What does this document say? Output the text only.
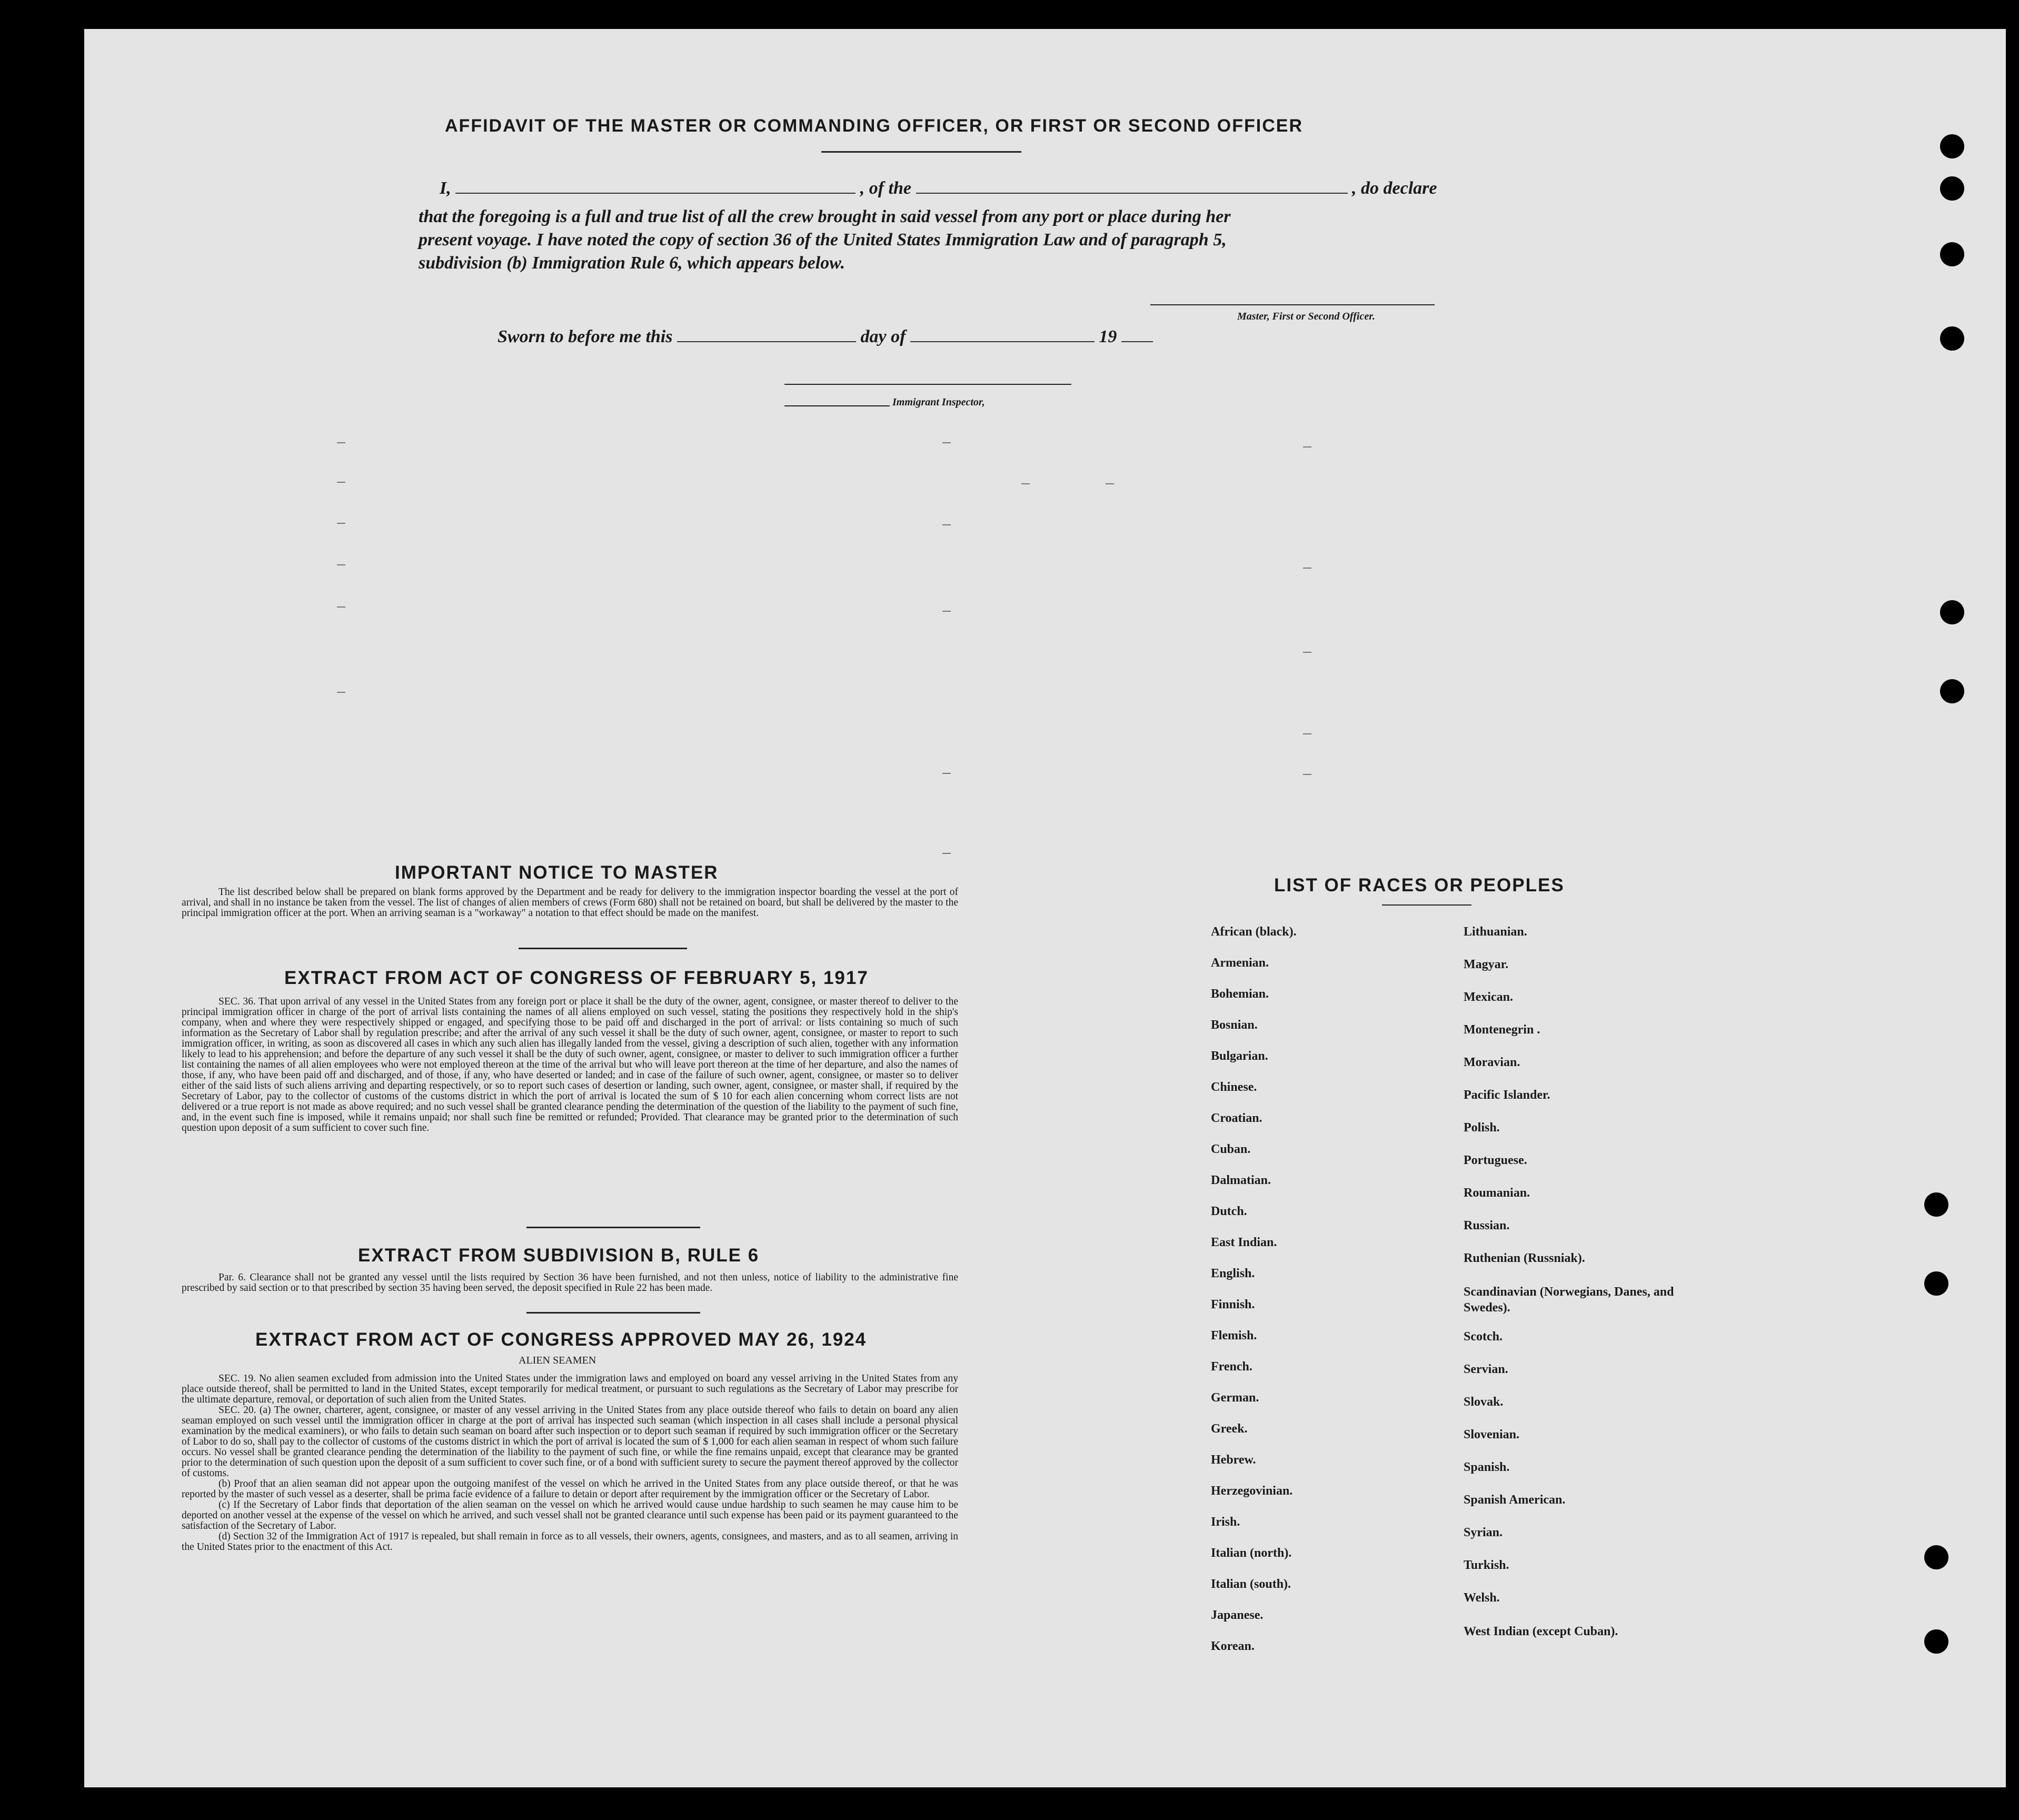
AFFIDAVIT OF THE MASTER OR COMMANDING OFFICER, OR FIRST OR SECOND OFFICER
I,	, of the	, do declare
that the foregoing is a full and true list of all the crew brought in said vessel from any port or place during her
present voyage. I have noted the copy of section 36 of the United States Immigration Law and of paragraph 5,
subdivision (b) Immigration Rule 6, which appears below.
Master, First or Second Officer.
Sworn to before me this	day of	19
Immigrant Inspector,
IMPORTANT NOTICE TO MASTER

The list described below shall be prepared on blank forms approved by the Department and be ready for delivery to the immigration inspector boarding the vessel at the port of arrival, and shall in no instance be taken from the vessel. The list of changes of alien members of crews (Form 680) shall not be retained on board, but shall be delivered by the master to the principal immigration officer at the port. When an arriving seaman is a "workaway" a notation to that effect should be made on the manifest.

EXTRACT FROM ACT OF CONGRESS OF FEBRUARY 5, 1917

SEC. 36. That upon arrival of any vessel in the United States from any foreign port or place it shall be the duty of the owner, agent, consignee, or master thereof to deliver to the principal immigration officer in charge of the port of arrival lists containing the names of all aliens employed on such vessel, stating the positions they respectively hold in the ship's company, when and where they were respectively shipped or engaged, and specifying those to be paid off and discharged in the port of arrival: or lists containing so much of such information as the Secretary of Labor shall by regulation prescribe; and after the arrival of any such vessel it shall be the duty of such owner, agent, consignee, or master to report to such immigration officer, in writing, as soon as discovered all cases in which any such alien has illegally landed from the vessel, giving a description of such alien, together with any information likely to lead to his apprehension; and before the departure of any such vessel it shall be the duty of such owner, agent, consignee, or master to deliver to such immigration officer a further list containing the names of all alien employees who were not employed thereon at the time of the arrival but who will leave port thereon at the time of her departure, and also the names of those, if any, who have been paid off and discharged, and of those, if any, who have deserted or landed; and in case of the failure of such owner, agent, consignee, or master so to deliver either of the said lists of such aliens arriving and departing respectively, or so to report such cases of desertion or landing, such owner, agent, consignee, or master shall, if required by the Secretary of Labor, pay to the collector of customs of the customs district in which the port of arrival is located the sum of $ 10 for each alien concerning whom correct lists are not delivered or a true report is not made as above required; and no such vessel shall be granted clearance pending the determination of the question of the liability to the payment of such fine, and, in the event such fine is imposed, while it remains unpaid; nor shall such fine be remitted or refunded; Provided. That clearance may be granted prior to the determination of such question upon deposit of a sum sufficient to cover such fine.

EXTRACT FROM SUBDIVISION B, RULE 6

Par. 6. Clearance shall not be granted any vessel until the lists required by Section 36 have been furnished, and not then unless, notice of liability to the administrative fine prescribed by said section or to that prescribed by section 35 having been served, the deposit specified in Rule 22 has been made.

EXTRACT FROM ACT OF CONGRESS APPROVED MAY 26, 1924
ALIEN SEAMEN

SEC. 19. No alien seamen excluded from admission into the United States under the immigration laws and employed on board any vessel arriving in the United States from any place outside thereof, shall be permitted to land in the United States, except temporarily for medical treatment, or pursuant to such regulations as the Secretary of Labor may prescribe for the ultimate departure, removal, or deportation of such alien from the United States.

SEC. 20. (a) The owner, charterer, agent, consignee, or master of any vessel arriving in the United States from any place outside thereof who fails to detain on board any alien seaman employed on such vessel until the immigration officer in charge at the port of arrival has inspected such seaman (which inspection in all cases shall include a personal physical examination by the medical examiners), or who fails to detain such seaman on board after such inspection or to deport such seaman if required by such immigration officer or the Secretary of Labor to do so, shall pay to the collector of customs of the customs district in which the port of arrival is located the sum of $ 1,000 for each alien seaman in respect of whom such failure occurs. No vessel shall be granted clearance pending the determination of the liability to the payment of such fine, or while the fine remains unpaid, except that clearance may be granted prior to the determination of such question upon the deposit of a sum sufficient to cover such fine, or of a bond with sufficient surety to secure the payment thereof approved by the collector of customs.

(b) Proof that an alien seaman did not appear upon the outgoing manifest of the vessel on which he arrived in the United States from any place outside thereof, or that he was reported by the master of such vessel as a deserter, shall be prima facie evidence of a failure to detain or deport after requirement by the immigration officer or the Secretary of Labor.

(c) If the Secretary of Labor finds that deportation of the alien seaman on the vessel on which he arrived would cause undue hardship to such seamen he may cause him to be deported on another vessel at the expense of the vessel on which he arrived, and such vessel shall not be granted clearance until such expense has been paid or its payment guaranteed to the satisfaction of the Secretary of Labor.

(d) Section 32 of the Immigration Act of 1917 is repealed, but shall remain in force as to all vessels, their owners, agents, consignees, and masters, and as to all seamen, arriving in the United States prior to the enactment of this Act.

LIST OF RACES OR PEOPLES
African (black).
Armenian.
Bohemian.
Bosnian.
Bulgarian.
Chinese.
Croatian.
Cuban.
Dalmatian.
Dutch.
East Indian.
English.
Finnish.
Flemish.
French.
German.
Greek.
Hebrew.
Herzegovinian.
Irish.
Italian (north).
Italian (south).
Japanese.
Korean.
Lithuanian.
Magyar.
Mexican.
Montenegrin .
Moravian.
Pacific Islander.
Polish.
Portuguese.
Roumanian.
Russian.
Ruthenian (Russniak).
Scandinavian (Norwegians, Danes, and Swedes).
Scotch.
Servian.
Slovak.
Slovenian.
Spanish.
Spanish American.
Syrian.
Turkish.
Welsh.
West Indian (except Cuban).
